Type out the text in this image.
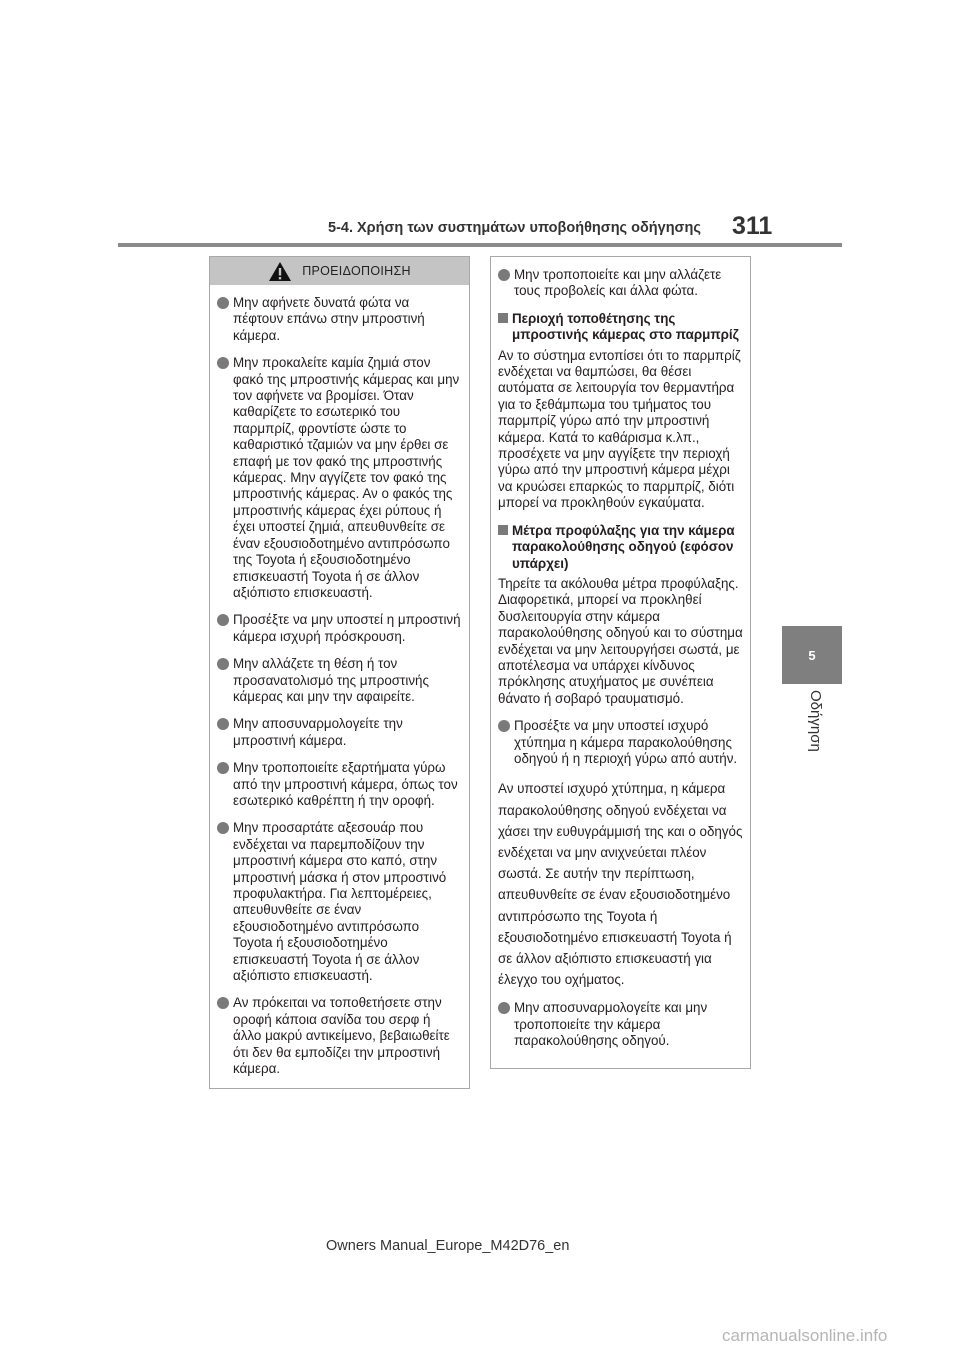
5-4. Χρήση των συστημάτων υποβοήθησης οδήγησης 311
5
Οδήγηση
ΠΡΟΕΙΔΟΠΟΙΗΣΗ
Μην αφήνετε δυνατά φώτα να πέφτουν επάνω στην μπροστινή κάμερα.
Μην προκαλείτε καμία ζημιά στον φακό της μπροστινής κάμερας και μην τον αφήνετε να βρομίσει. Όταν καθαρίζετε το εσωτερικό του παρμπρίζ, φροντίστε ώστε το καθαριστικό τζαμιών να μην έρθει σε επαφή με τον φακό της μπροστινής κάμερας. Μην αγγίζετε τον φακό της μπροστινής κάμερας. Αν ο φακός της μπροστινής κάμερας έχει ρύπους ή έχει υποστεί ζημιά, απευθυνθείτε σε έναν εξουσιοδοτημένο αντιπρόσωπο της Toyota ή εξουσιοδοτημένο επισκευαστή Toyota ή σε άλλον αξιόπιστο επισκευαστή.
Προσέξτε να μην υποστεί η μπροστινή κάμερα ισχυρή πρόσκρουση.
Μην αλλάζετε τη θέση ή τον προσανατολισμό της μπροστινής κάμερας και μην την αφαιρείτε.
Μην αποσυναρμολογείτε την μπροστινή κάμερα.
Μην τροποποιείτε εξαρτήματα γύρω από την μπροστινή κάμερα, όπως τον εσωτερικό καθρέπτη ή την οροφή.
Μην προσαρτάτε αξεσουάρ που ενδέχεται να παρεμποδίζουν την μπροστινή κάμερα στο καπό, στην μπροστινή μάσκα ή στον μπροστινό προφυλακτήρα. Για λεπτομέρειες, απευθυνθείτε σε έναν εξουσιοδοτημένο αντιπρόσωπο Toyota ή εξουσιοδοτημένο επισκευαστή Toyota ή σε άλλον αξιόπιστο επισκευαστή.
Αν πρόκειται να τοποθετήσετε στην οροφή κάποια σανίδα του σερφ ή άλλο μακρύ αντικείμενο, βεβαιωθείτε ότι δεν θα εμποδίζει την μπροστινή κάμερα.
Μην τροποποιείτε και μην αλλάζετε τους προβολείς και άλλα φώτα.
Περιοχή τοποθέτησης της μπροστινής κάμερας στο παρμπρίζ
Αν το σύστημα εντοπίσει ότι το παρμπρίζ ενδέχεται να θαμπώσει, θα θέσει αυτόματα σε λειτουργία τον θερμαντήρα για το ξεθάμπωμα του τμήματος του παρμπρίζ γύρω από την μπροστινή κάμερα. Κατά το καθάρισμα κ.λπ., προσέχετε να μην αγγίξετε την περιοχή γύρω από την μπροστινή κάμερα μέχρι να κρυώσει επαρκώς το παρμπρίζ, διότι μπορεί να προκληθούν εγκαύματα.
Μέτρα προφύλαξης για την κάμερα παρακολούθησης οδηγού (εφόσον υπάρχει)
Τηρείτε τα ακόλουθα μέτρα προφύλαξης. Διαφορετικά, μπορεί να προκληθεί δυσλειτουργία στην κάμερα παρακολούθησης οδηγού και το σύστημα ενδέχεται να μην λειτουργήσει σωστά, με αποτέλεσμα να υπάρχει κίνδυνος πρόκλησης ατυχήματος με συνέπεια θάνατο ή σοβαρό τραυματισμό.
Προσέξτε να μην υποστεί ισχυρό χτύπημα η κάμερα παρακολούθησης οδηγού ή η περιοχή γύρω από αυτήν.
Αν υποστεί ισχυρό χτύπημα, η κάμερα παρακολούθησης οδηγού ενδέχεται να χάσει την ευθυγράμμισή της και ο οδηγός ενδέχεται να μην ανιχνεύεται πλέον σωστά. Σε αυτήν την περίπτωση, απευθυνθείτε σε έναν εξουσιοδοτημένο αντιπρόσωπο της Toyota ή εξουσιοδοτημένο επισκευαστή Toyota ή σε άλλον αξιόπιστο επισκευαστή για έλεγχο του οχήματος.
Μην αποσυναρμολογείτε και μην τροποποιείτε την κάμερα παρακολούθησης οδηγού.
Owners Manual_Europe_M42D76_en
carmanualsonline.info
